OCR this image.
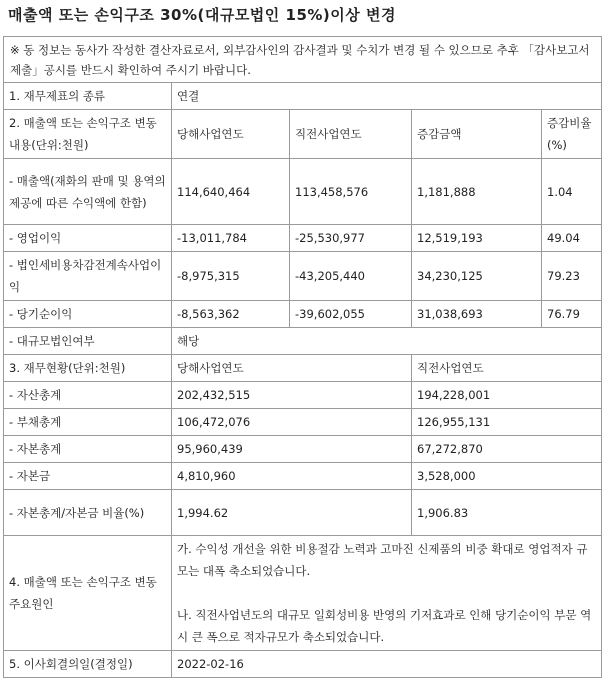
매출액 또는 손익구조 30%(대규모법인 15%)이상 변경
※ 동 정보는 동사가 작성한 결산자료로서, 외부감사인의 감사결과 및 수치가 변경 될 수 있으므로 추후 「감사보고서 제출」공시를 반드시 확인하여 주시기 바랍니다.				
1. 재무제표의 종류	연결			
2. 매출액 또는 손익구조 변동내용(단위:천원)	당해사업연도	직전사업연도	증감금액	증감비율(%)
- 매출액(재화의 판매 및 용역의 제공에 따른 수익액에 한함)	114,640,464	113,458,576	1,181,888	1.04
- 영업이익	-13,011,784	-25,530,977	12,519,193	49.04
- 법인세비용차감전계속사업이익	-8,975,315	-43,205,440	34,230,125	79.23
- 당기순이익	-8,563,362	-39,602,055	31,038,693	76.79
- 대규모법인여부	해당			
3. 재무현황(단위:천원)	당해사업연도		직전사업연도	
- 자산총계	202,432,515		194,228,001	
- 부채총계	106,472,076		126,955,131	
- 자본총계	95,960,439		67,272,870	
- 자본금	4,810,960		3,528,000	
- 자본총계/자본금 비율(%)	1,994.62		1,906.83	
4. 매출액 또는 손익구조 변동 주요원인	가. 수익성 개선을 위한 비용절감 노력과 고마진 신제품의 비중 확대로 영업적자 규모는 대폭 축소되었습니다.
나. 직전사업년도의 대규모 일회성비용 반영의 기저효과로 인해 당기순이익 부문 역시 큰 폭으로 적자규모가 축소되었습니다.			

5. 이사회결의일(결정일)	2022-02-16			
